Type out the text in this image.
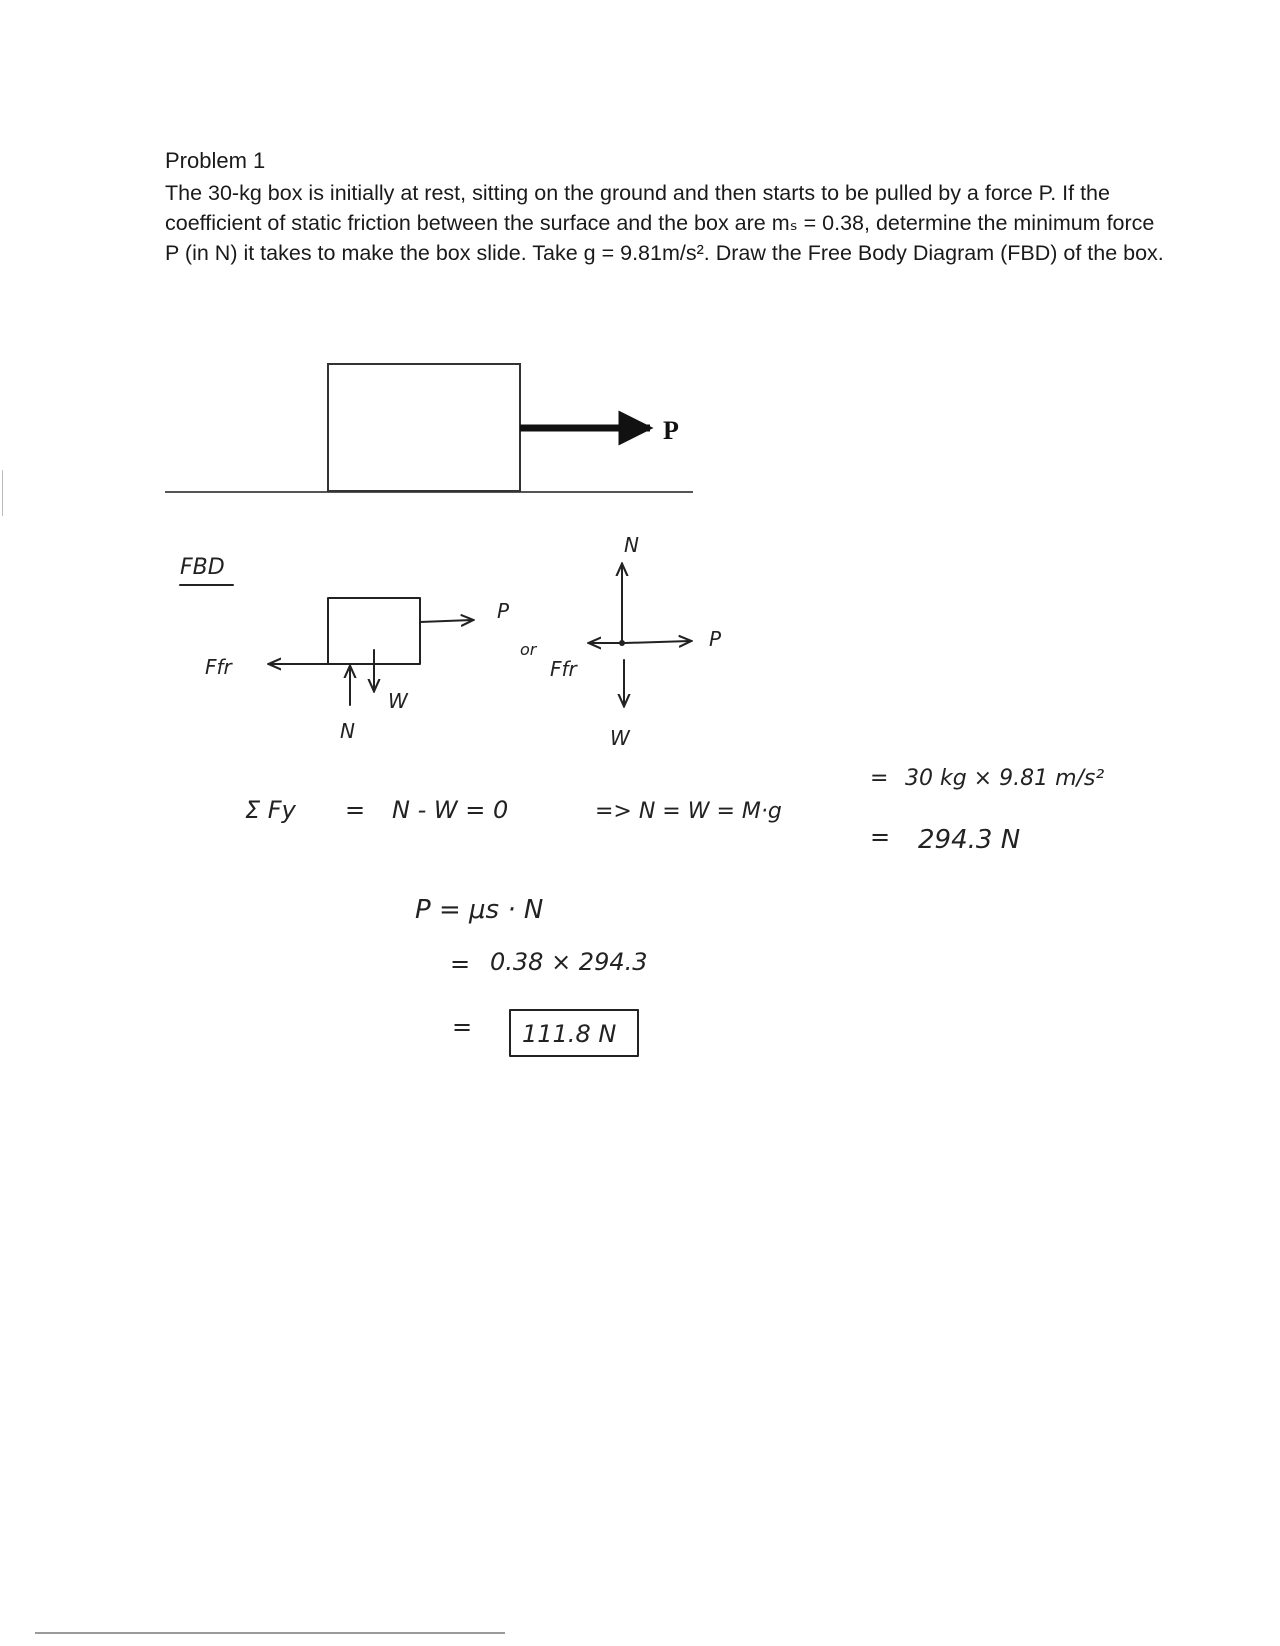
Problem 1

The 30-kg box is initially at rest, sitting on the ground and then starts to be pulled by a force P. If the coefficient of static friction between the surface and the box are mₛ = 0.38, determine the minimum force P (in N) it takes to make the box slide. Take g = 9.81m/s². Draw the Free Body Diagram (FBD) of the box.

P
FBD
P
Ffr
W
N
or
N
P
Ffr
W
Σ Fy = N - W = 0	=> N = W = M·g
= 30 kg × 9.81 m/s²
= 294.3 N
P = μs · N
= 0.38 × 294.3
= 111.8 N
